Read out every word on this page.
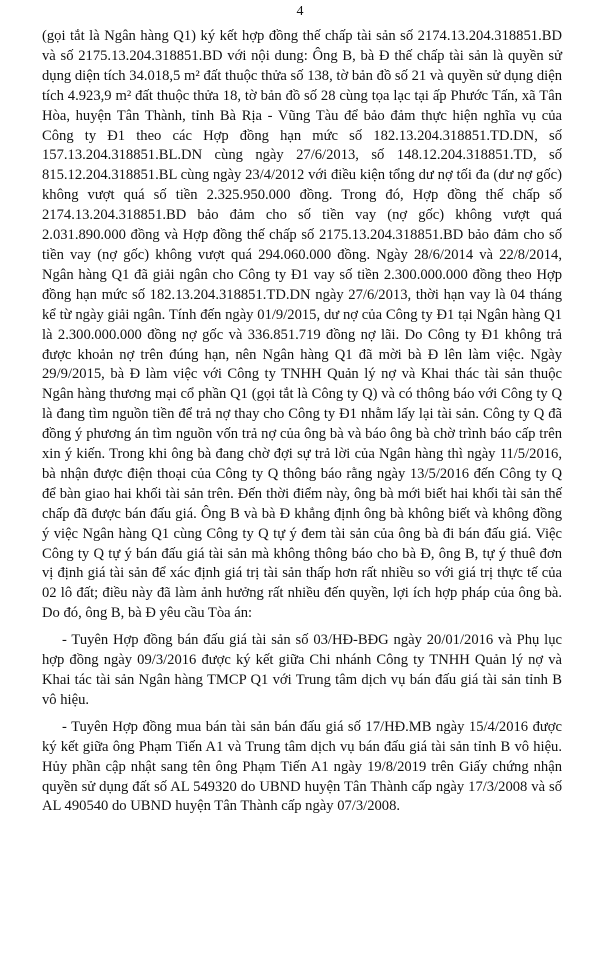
4

(gọi tắt là Ngân hàng Q1) ký kết hợp đồng thế chấp tài sản số 2174.13.204.318851.BD và số 2175.13.204.318851.BD với nội dung: Ông B, bà Đ thế chấp tài sản là quyền sử dụng diện tích 34.018,5 m² đất thuộc thửa số 138, tờ bản đồ số 21 và quyền sử dụng diện tích 4.923,9 m² đất thuộc thửa 18, tờ bản đồ số 28 cùng tọa lạc tại ấp Phước Tấn, xã Tân Hòa, huyện Tân Thành, tỉnh Bà Rịa - Vũng Tàu để bảo đảm thực hiện nghĩa vụ của Công ty Đ1 theo các Hợp đồng hạn mức số 182.13.204.318851.TD.DN, số 157.13.204.318851.BL.DN cùng ngày 27/6/2013, số 148.12.204.318851.TD, số 815.12.204.318851.BL cùng ngày 23/4/2012 với điều kiện tổng dư nợ tối đa (dư nợ gốc) không vượt quá số tiền 2.325.950.000 đồng. Trong đó, Hợp đồng thế chấp số 2174.13.204.318851.BD bảo đảm cho số tiền vay (nợ gốc) không vượt quá 2.031.890.000 đồng và Hợp đồng thế chấp số 2175.13.204.318851.BD bảo đảm cho số tiền vay (nợ gốc) không vượt quá 294.060.000 đồng. Ngày 28/6/2014 và 22/8/2014, Ngân hàng Q1 đã giải ngân cho Công ty Đ1 vay số tiền 2.300.000.000 đồng theo Hợp đồng hạn mức số 182.13.204.318851.TD.DN ngày 27/6/2013, thời hạn vay là 04 tháng kể từ ngày giải ngân. Tính đến ngày 01/9/2015, dư nợ của Công ty Đ1 tại Ngân hàng Q1 là 2.300.000.000 đồng nợ gốc và 336.851.719 đồng nợ lãi. Do Công ty Đ1 không trả được khoản nợ trên đúng hạn, nên Ngân hàng Q1 đã mời bà Đ lên làm việc. Ngày 29/9/2015, bà Đ làm việc với Công ty TNHH Quản lý nợ và Khai thác tài sản thuộc Ngân hàng thương mại cổ phần Q1 (gọi tắt là Công ty Q) và có thông báo với Công ty Q là đang tìm nguồn tiền để trả nợ thay cho Công ty Đ1 nhằm lấy lại tài sản. Công ty Q đã đồng ý phương án tìm nguồn vốn trả nợ của ông bà và báo ông bà chờ trình báo cấp trên xin ý kiến. Trong khi ông bà đang chờ đợi sự trả lời của Ngân hàng thì ngày 11/5/2016, bà nhận được điện thoại của Công ty Q thông báo rằng ngày 13/5/2016 đến Công ty Q để bàn giao hai khối tài sản trên. Đến thời điểm này, ông bà mới biết hai khối tài sản thế chấp đã được bán đấu giá. Ông B và bà Đ khẳng định ông bà không biết và không đồng ý việc Ngân hàng Q1 cùng Công ty Q tự ý đem tài sản của ông bà đi bán đấu giá. Việc Công ty Q tự ý bán đấu giá tài sản mà không thông báo cho bà Đ, ông B, tự ý thuê đơn vị định giá tài sản để xác định giá trị tài sản thấp hơn rất nhiều so với giá trị thực tế của 02 lô đất; điều này đã làm ảnh hưởng rất nhiều đến quyền, lợi ích hợp pháp của ông bà. Do đó, ông B, bà Đ yêu cầu Tòa án:

- Tuyên Hợp đồng bán đấu giá tài sản số 03/HĐ-BĐG ngày 20/01/2016 và Phụ lục hợp đồng ngày 09/3/2016 được ký kết giữa Chi nhánh Công ty TNHH Quản lý nợ và Khai tác tài sản Ngân hàng TMCP Q1 với Trung tâm dịch vụ bán đấu giá tài sản tỉnh B vô hiệu.

- Tuyên Hợp đồng mua bán tài sản bán đấu giá số 17/HĐ.MB ngày 15/4/2016 được ký kết giữa ông Phạm Tiến A1 và Trung tâm dịch vụ bán đấu giá tài sản tỉnh B vô hiệu. Hủy phần cập nhật sang tên ông Phạm Tiến A1 ngày 19/8/2019 trên Giấy chứng nhận quyền sử dụng đất số AL 549320 do UBND huyện Tân Thành cấp ngày 17/3/2008 và số AL 490540 do UBND huyện Tân Thành cấp ngày 07/3/2008.
